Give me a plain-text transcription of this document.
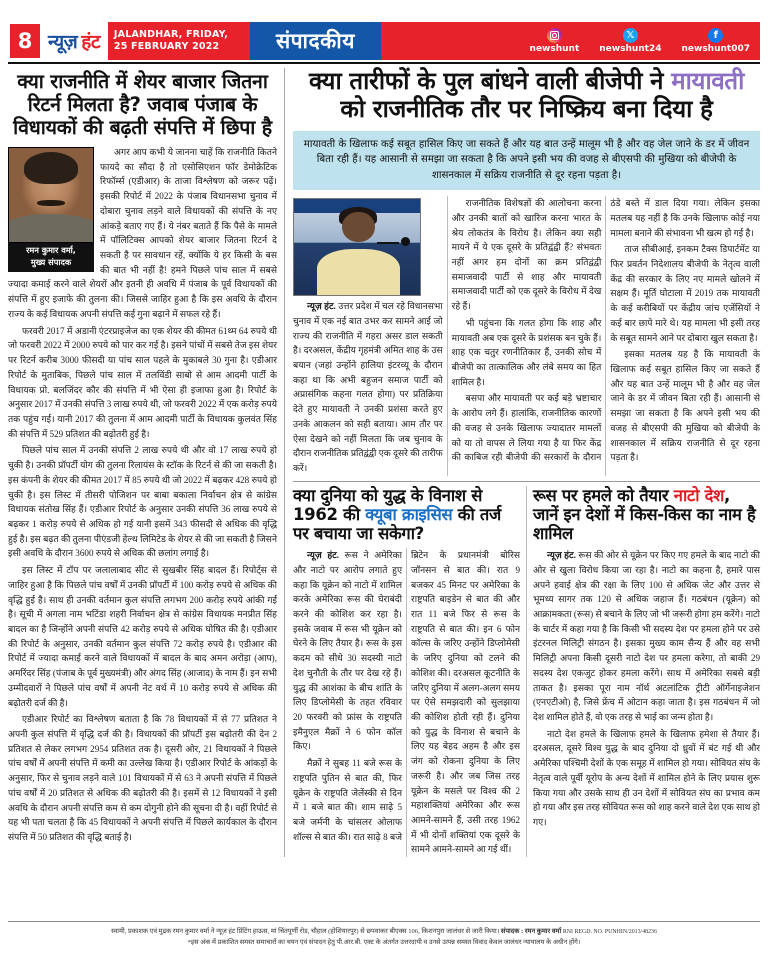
8 न्यूज़ हंट JALANDHAR, FRIDAY,
25 FEBRUARY 2022	संपादकीय	newshunt
𝕏
newshunt24
f
newshunt007
क्या राजनीति में शेयर बाजार जितना रिटर्न मिलता है? जवाब पंजाब के विधायकों की बढ़ती संपत्ति में छिपा है
रमन कुमार वर्मा,
मुख्य संपादक

अगर आप कभी ये जानना चाहें कि राजनीति कितने फायदे का सौदा है तो एसोसिएशन फॉर डेमोक्रेटिक रिफॉर्म्स (एडीआर) के ताजा विश्लेषण को जरूर पढ़ें। इसकी रिपोर्ट में 2022 के पंजाब विधानसभा चुनाव में दोबारा चुनाव लड़ने वाले विधायकों की संपत्ति के नए आंकड़े बताए गए हैं। ये नंबर बताते हैं कि पैसे के मामले में पॉलिटिक्स आपको शेयर बाजार जितना रिटर्न दे सकती है पर सावधान रहें, क्योंकि ये हर किसी के बस की बात भी नहीं है! हमने पिछले पांच साल में सबसे ज्यादा कमाई करने वाले शेयरों और इतनी ही अवधि में पंजाब के पूर्व विधायकों की संपत्ति में हुए इजाफे की तुलना की। जिससे जाहिर हुआ है कि इस अवधि के दौरान राज्य के कई विधायक अपनी संपत्ति कई गुना बढ़ाने में सफल रहे हैं।

फरवरी 2017 में अडानी एंटरप्राइजेज का एक शेयर की कीमत 61थ्म 64 रुपये थी जो फरवरी 2022 में 2000 रुपये को पार कर गई है। इसने पांचों में सबसे तेज इस शेयर पर रिटर्न करीब 3000 फीसदी या पांच साल पहले के मुकाबले 30 गुना है। एडीआर रिपोर्ट के मुताबिक, पिछले पांच साल में तलविंडी साबो से आम आदमी पार्टी के विधायक प्रो. बलजिंदर कौर की संपत्ति में भी ऐसा ही इजाफा हुआ है। रिपोर्ट के अनुसार 2017 में उनकी संपत्ति 3 लाख रुपये थी, जो फरवरी 2022 में एक करोड़ रुपये तक पहुंच गई। यानी 2017 की तुलना में आम आदमी पार्टी के विधायक कुलवंत सिंह की संपत्ति में 529 प्रतिशत की बढ़ोतरी हुई है।

पिछले पांच साल में उनकी संपत्ति 2 लाख रुपये थी और वो 17 लाख रुपये हो चुकी है। उनकी प्रॉपर्टी योग की तुलना रिलायंस के स्टॉक के रिटर्न से की जा सकती है। इस कंपनी के शेयर की कीमत 2017 में 85 रुपये थी जो 2022 में बढ़कर 428 रुपये हो चुकी है। इस लिस्ट में तीसरी पोजिशन पर बाबा बकाला निर्वाचन क्षेत्र से कांग्रेस विधायक संतोख सिंह हैं। एडीआर रिपोर्ट के अनुसार उनकी संपत्ति 36 लाख रुपये से बढ़कर 1 करोड़ रुपये से अधिक हो गई यानी इसमें 343 फीसदी से अधिक की वृद्धि हुई है। इस बढ़त की तुलना पीएंडजी हेल्थ लिमिटेड के शेयर से की जा सकती है जिसने इसी अवधि के दौरान 3600 रुपये से अधिक की छलांग लगाई है।

इस लिस्ट में टॉप पर जलालाबाद सीट से सुखबीर सिंह बादल हैं। रिपोर्ट्स से जाहिर हुआ है कि पिछले पांच वर्षों में उनकी प्रॉपर्टी में 100 करोड़ रुपये से अधिक की वृद्धि हुई है। साथ ही उनकी वर्तमान कुल संपत्ति लगभग 200 करोड़ रुपये आंकी गई है। सूची में अगला नाम भटिंडा शहरी निर्वाचन क्षेत्र से कांग्रेस विधायक मनप्रीत सिंह बादल का है जिन्होंने अपनी संपत्ति 42 करोड़ रुपये से अधिक घोषित की है। एडीआर की रिपोर्ट के अनुसार, उनकी वर्तमान कुल संपत्ति 72 करोड़ रुपये है। एडीआर की रिपोर्ट में ज्यादा कमाई करने वाले विधायकों में बादल के बाद अमन अरोड़ा (आप), अमरिंदर सिंह (पंजाब के पूर्व मुख्यमंत्री) और अंगद सिंह (आजाद) के नाम हैं। इन सभी उम्मीदवारों ने पिछले पांच वर्षों में अपनी नेट वर्थ में 10 करोड़ रुपये से अधिक की बढ़ोतरी दर्ज की है।

एडीआर रिपोर्ट का विश्लेषण बताता है कि 78 विधायकों में से 77 प्रतिशत ने अपनी कुल संपत्ति में वृद्धि दर्ज की है। विधायकों की प्रॉपर्टी इस बढ़ोतरी की देन 2 प्रतिशत से लेकर लगभग 2954 प्रतिशत तक है। दूसरी ओर, 21 विधायकों ने पिछले पांच वर्षों में अपनी संपत्ति में कमी का उल्लेख किया है। एडीआर रिपोर्ट के आंकड़ों के अनुसार, फिर से चुनाव लड़ने वाले 101 विधायकों में से 63 ने अपनी संपत्ति में पिछले पांच वर्षों में 20 प्रतिशत से अधिक की बढ़ोतरी की है। इसमें से 12 विधायकों ने इसी अवधि के दौरान अपनी संपत्ति कम से कम दोगुनी होने की सूचना दी है। वहीं रिपोर्ट से यह भी पता चलता है कि 45 विधायकों ने अपनी संपत्ति में पिछले कार्यकाल के दौरान संपत्ति में 50 प्रतिशत की वृद्धि बताई है।

क्या तारीफों के पुल बांधने वाली बीजेपी ने मायावती को राजनीतिक तौर पर निष्क्रिय बना दिया है
मायावती के खिलाफ कई सबूत हासिल किए जा सकते हैं और यह बात उन्हें मालूम भी है और वह जेल जाने के डर में जीवन बिता रही हैं। यह आसानी से समझा जा सकता है कि अपने इसी भय की वजह से बीएसपी की मुखिया को बीजेपी के शासनकाल में सक्रिय राजनीति से दूर रहना पड़ता है।

न्यूज़ हंट. उत्तर प्रदेश में चल रहे विधानसभा चुनाव में एक नई बात उभर कर सामने आई जो राज्य की राजनीति में गहरा असर डाल सकती है। दरअसल, केंद्रीय गृहमंत्री अमित शाह के उस बयान (जहां उन्होंने हालिया इंटरव्यू के दौरान कहा था कि अभी बहुजन समाज पार्टी को अप्रासंगिक कहना गलत होगा) पर प्रतिक्रिया देते हुए मायावती ने उनकी प्रशंसा करते हुए उनके आकलन को सही बताया। आम तौर पर ऐसा देखने को नहीं मिलता कि जब चुनाव के दौरान राजनीतिक प्रतिद्वंद्वी एक दूसरे की तारीफ करें।

राजनीतिक विशेषज्ञों की आलोचना करना और उनकी बातों को खारिज करना भारत के श्रेय लोकतंत्र के विरोध है। लेकिन क्या सही मायने में ये एक दूसरे के प्रतिद्वंद्वी हैं? संभवतः नहीं अगर हम दोनों का क्रम प्रतिद्वंद्वी समाजवादी पार्टी से शाह और मायावती समाजवादी पार्टी को एक दूसरे के विरोध में देख रहे हैं।

भी पहुंचना कि गलत होगा कि शाह और मायावती अब एक दूसरे के प्रशंसक बन चुके हैं। शाह एक चतुर रणनीतिकार हैं, उनकी सोच में बीजेपी का तात्कालिक और लंबे समय का हित शामिल है।

बसपा और मायावती पर कई बड़े भ्रष्टाचार के आरोप लगे हैं। हालांकि, राजनीतिक कारणों की वजह से उनके खिलाफ ज्यादातर मामलों को या तो वापस ले लिया गया है या फिर केंद्र की काबिज रही बीजेपी की सरकारों के दौरान ठंडे बस्ते में डाल दिया गया। लेकिन इसका मतलब यह नहीं है कि उनके खिलाफ कोई नया मामला बनाने की संभावना भी खत्म हो गई है।

ताज सीबीआई, इनकम टैक्स डिपार्टमेंट या फिर प्रवर्तन निदेशालय बीजेपी के नेतृत्व वाली केंद्र की सरकार के लिए नए मामले खोलने में सक्षम हैं। मूर्ति घोटाला में 2019 तक मायावती के कई करीबियों पर केंद्रीय जांच एजेंसियों ने कई बार छापे मारे थे। यह मामला भी इसी तरह के सबूत सामने आने पर दोबारा खुल सकता है।

इसका मतलब यह है कि मायावती के खिलाफ कई सबूत हासिल किए जा सकते हैं और यह बात उन्हें मालूम भी है और वह जेल जाने के डर में जीवन बिता रही हैं। आसानी से समझा जा सकता है कि अपने इसी भय की वजह से बीएसपी की मुखिया को बीजेपी के शासनकाल में सक्रिय राजनीति से दूर रहना पड़ता है।

क्या दुनिया को युद्ध के विनाश से 1962 की क्यूबा क्राइसिस की तर्ज पर बचाया जा सकेगा?

न्यूज़ हंट. रूस ने अमेरिका और नाटो पर आरोप लगाते हुए कहा कि यूक्रेन को नाटो में शामिल करके अमेरिका रूस की घेराबंदी करने की कोशिश कर रहा है। इसके जवाब में रूस भी यूक्रेन को घेरने के लिए तैयार है। रूस के इस कदम को सीधे 30 सदस्यी नाटो देश चुनौती के तौर पर देख रहे हैं। युद्ध की आशंका के बीच शांति के लिए डिप्लोमेसी के तहत रविवार 20 फरवरी को फ्रांस के राष्ट्रपति इमैनुएल मैक्रों ने 6 फोन कॉल किए।

मैक्रों ने सुबह 11 बजे रूस के राष्ट्रपति पुतिन से बात की, फिर यूक्रेन के राष्ट्रपति जेलेंस्की से दिन में 1 बजे बात की। शाम साढ़े 5 बजे जर्मनी के चांसलर ओलाफ शॉल्स से बात की। रात साढ़े 8 बजे ब्रिटेन के प्रधानमंत्री बोरिस जॉनसन से बात की। रात 9 बजकर 45 मिनट पर अमेरिका के राष्ट्रपति बाइडेन से बात की और रात 11 बजे फिर से रूस के राष्ट्रपति से बात की। इन 6 फोन कॉल्स के जरिए उन्होंने डिप्लोमेसी के जरिए दुनिया को टलने की कोशिश की। दरअसल कूटनीति के जरिए दुनिया में अलग-अलग समय पर ऐसे समझदारी को सुलझाया की कोशिश होती रही हैं। दुनिया को युद्ध के विनाश से बचाने के लिए यह बेहद अहम है और इस जंग को रोकना दुनिया के लिए जरूरी है। और जब जिस तरह यूक्रेन के मसले पर विश्व की 2 महाशक्तियां अमेरिका और रूस आमने-सामने हैं, उसी तरह 1962 में भी दोनों शक्तियां एक दूसरे के सामने आमने-सामने आ गई थीं।

रूस पर हमले को तैयार नाटो देश, जानें इन देशों में किस-किस का नाम है शामिल

न्यूज़ हंट. रूस की ओर से यूक्रेन पर किए गए हमले के बाद नाटो की ओर से खुला विरोध किया जा रहा है। नाटो का कहना है, हमारे पास अपने हवाई क्षेत्र की रक्षा के लिए 100 से अधिक जेट और उत्तर से भूमध्य सागर तक 120 से अधिक जहाज हैं। गठबंधन (यूक्रेन) को आक्रामकता (रूस) से बचाने के लिए जो भी जरूरी होगा हम करेंगे। नाटो के चार्टर में कहा गया है कि किसी भी सदस्य देश पर हमला होने पर उसे इंटरनल मिलिट्री संगठन है। इसका मुख्य काम सैन्य हैं और वह सभी मिलिट्री अपना किसी दूसरी नाटो देश पर हमला करेगा, तो बाकी 29 सदस्य देश एकजुट होकर हमला करेंगे। साथ में अमेरिका सबसे बड़ी ताकत है। इसका पूरा नाम नॉर्थ अटलांटिक ट्रीटी ऑर्गेनाइजेशन (एनएटीओ) है, जिसे फ्रेंच में ओटान कहा जाता है। इस गठबंधन में जो देश शामिल होते हैं, वो एक तरह से भाई का जन्म होता है।

नाटो देश हमले के खिलाफ हमले के खिलाफ हमेशा से तैयार हैं। दरअसल, दूसरे विश्व युद्ध के बाद दुनिया दो ध्रुवों में बंट गई थी और अमेरिका पश्चिमी देशों के एक समूह में शामिल हो गया। सोवियत संघ के नेतृत्व वाले पूर्वी यूरोप के अन्य देशों में शामिल होने के लिए प्रयास शुरू किया गया और उसके साथ ही उन देशों में सोवियत संघ का प्रभाव कम हो गया और इस तरह सोवियत रूस को शाह करने वाले देश एक साथ हो गए।

स्वामी, प्रकाशक एवं मुद्रक रमन कुमार वर्मा ने न्यूज़ हंट प्रिंटिंग हाऊस, मां चिंतपूर्णी रोड, चौहाल (होशियारपुर) से छपवाकर बीएक्स 106, किशनपुरा जालंधर से जारी किया। संपादक : रमन कुमार वर्मा RNI REGD. NO. PUNHIN/2013/48236
*इस अंक में प्रकाशित समस्त समाचारों का चयन एवं संपादन हेतु पी.आर.बी. एक्ट के अंतर्गत उत्तरदायी व उनसे उत्पन्न समस्त विवाद केवल जालंधर न्यायालय के अधीन होंगे।
